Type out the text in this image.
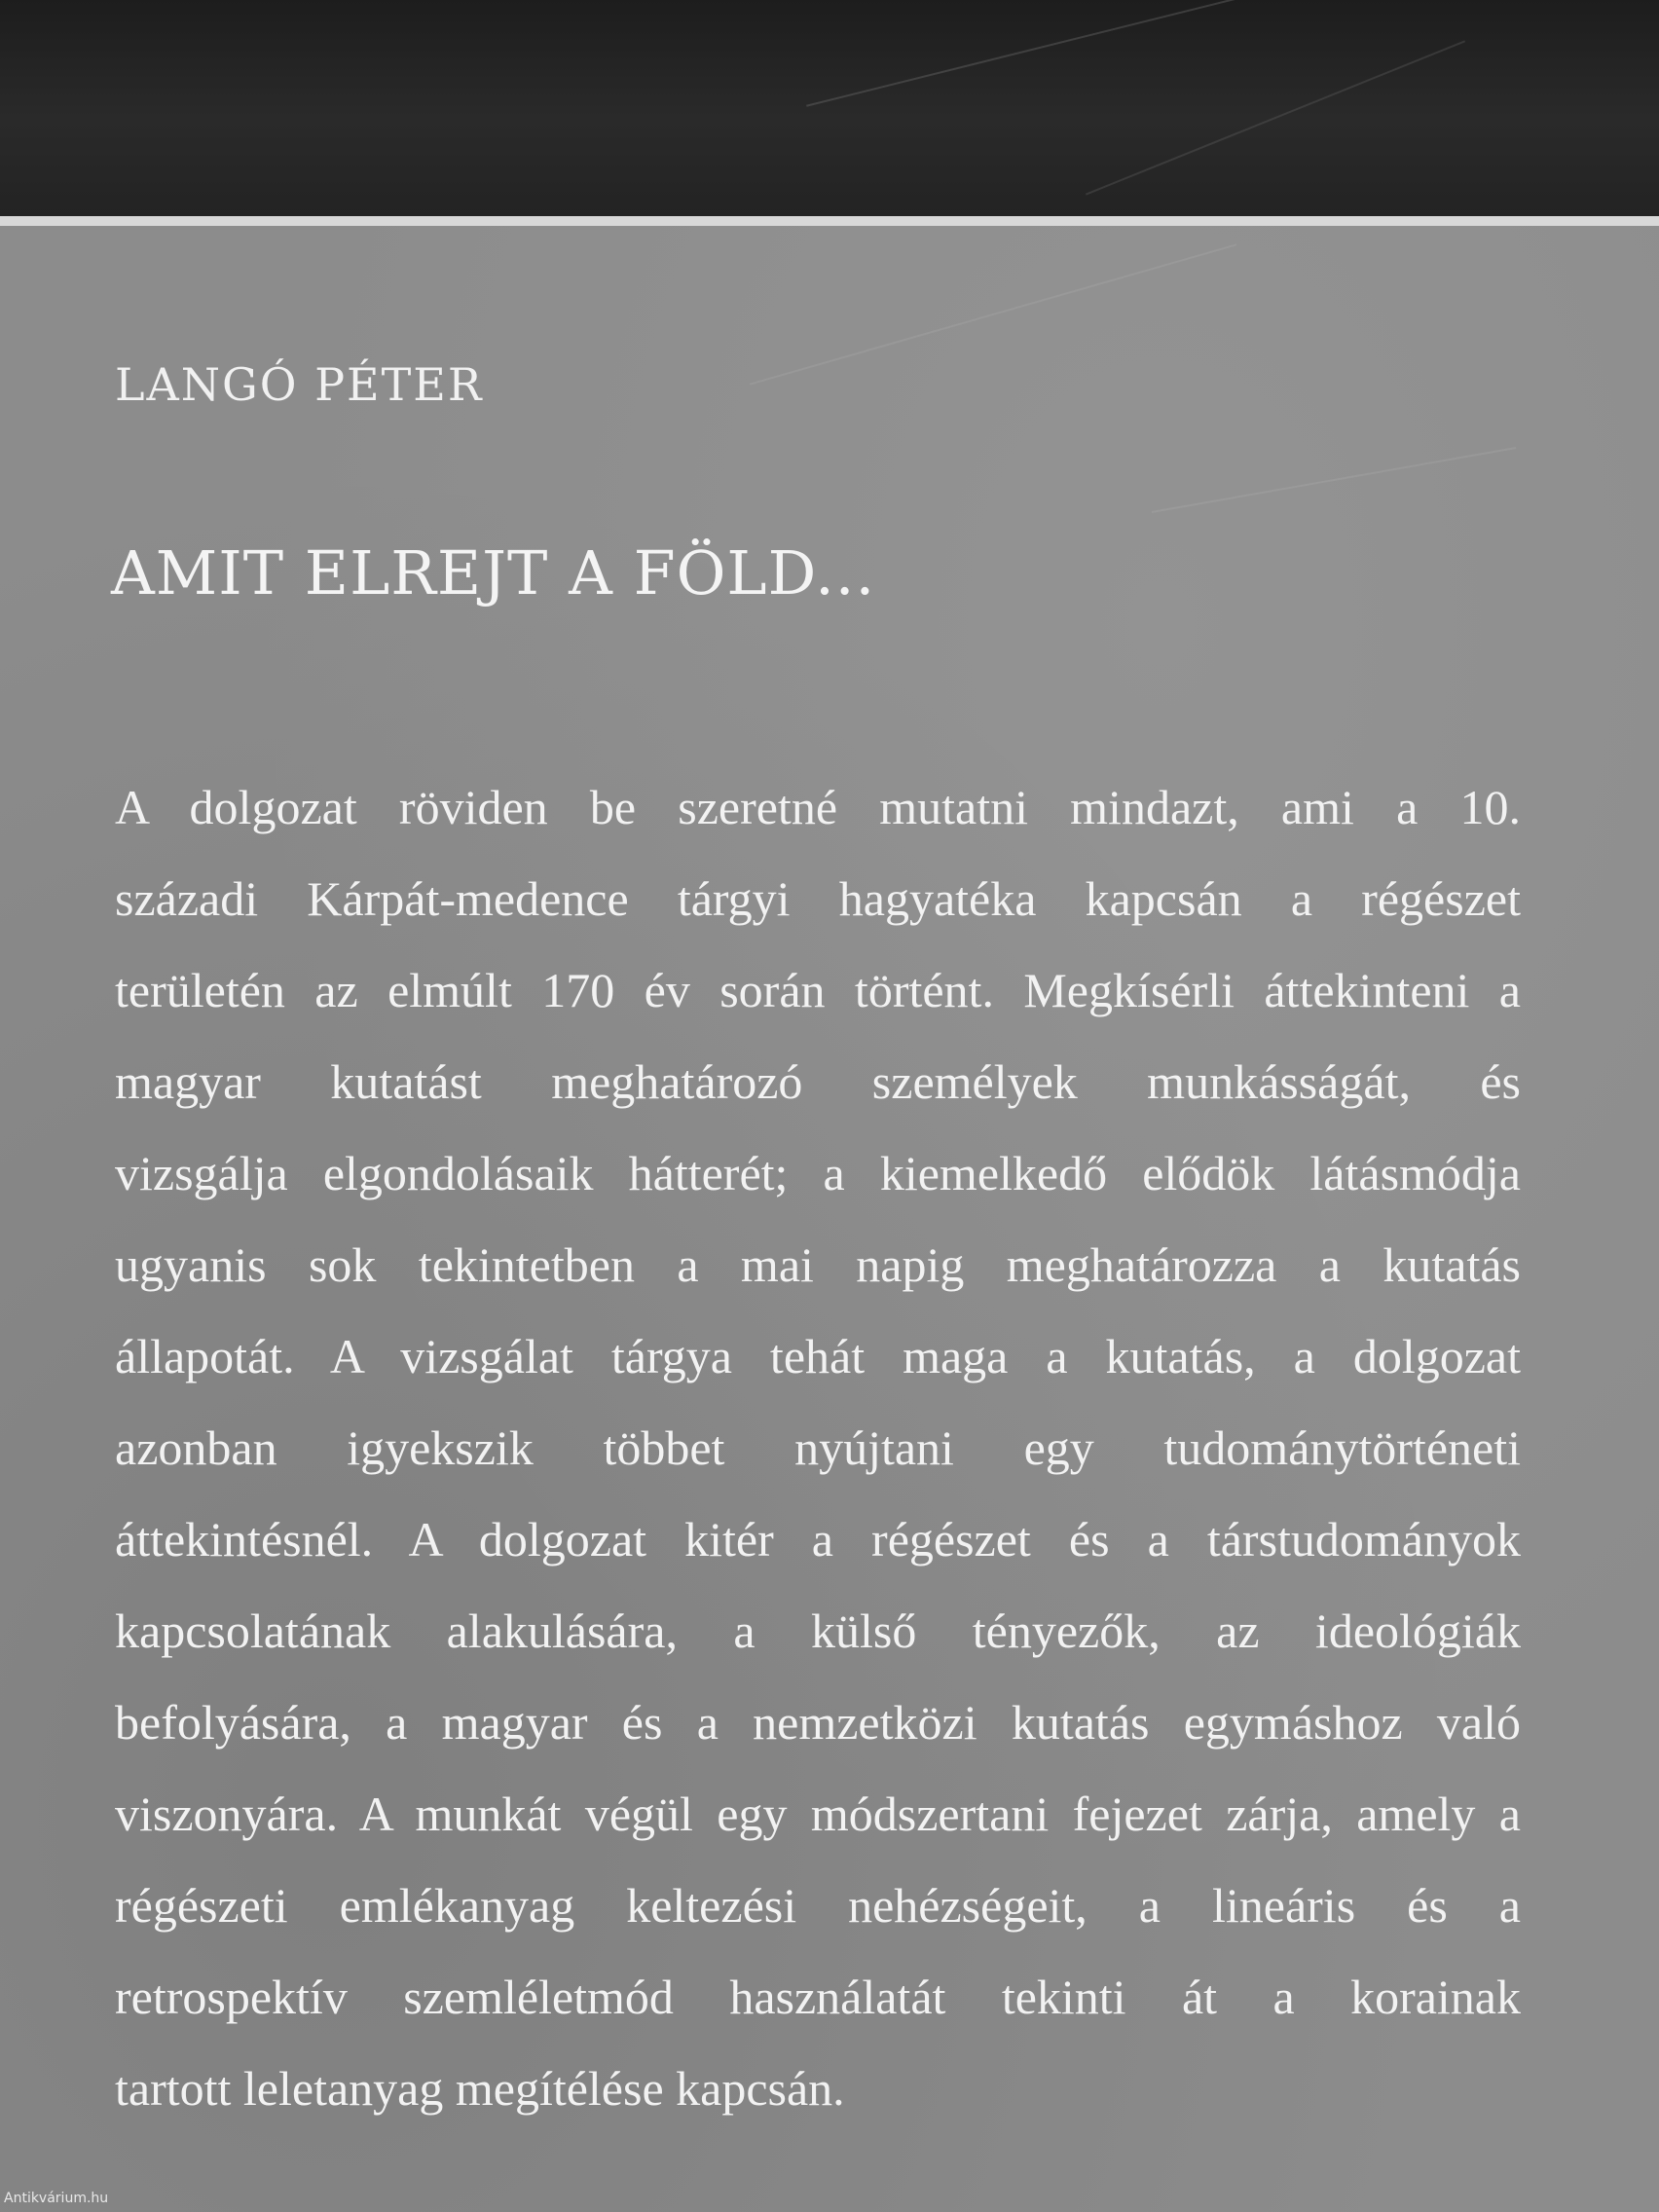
LANGÓ PÉTER
AMIT ELREJT A FÖLD...
A dolgozat röviden be szeretné mutatni mindazt, ami a 10.
századi Kárpát-medence tárgyi hagyatéka kapcsán a régészet
területén az elmúlt 170 év során történt. Megkísérli áttekinteni a
magyar kutatást meghatározó személyek munkásságát, és
vizsgálja elgondolásaik hátterét; a kiemelkedő elődök látásmódja
ugyanis sok tekintetben a mai napig meghatározza a kutatás
állapotát. A vizsgálat tárgya tehát maga a kutatás, a dolgozat
azonban igyekszik többet nyújtani egy tudománytörténeti
áttekintésnél. A dolgozat kitér a régészet és a társtudományok
kapcsolatának alakulására, a külső tényezők, az ideológiák
befolyására, a magyar és a nemzetközi kutatás egymáshoz való
viszonyára. A munkát végül egy módszertani fejezet zárja, amely a
régészeti emlékanyag keltezési nehézségeit, a lineáris és a
retrospektív szemléletmód használatát tekinti át a korainak
tartott leletanyag megítélése kapcsán.
Antikvárium.hu
